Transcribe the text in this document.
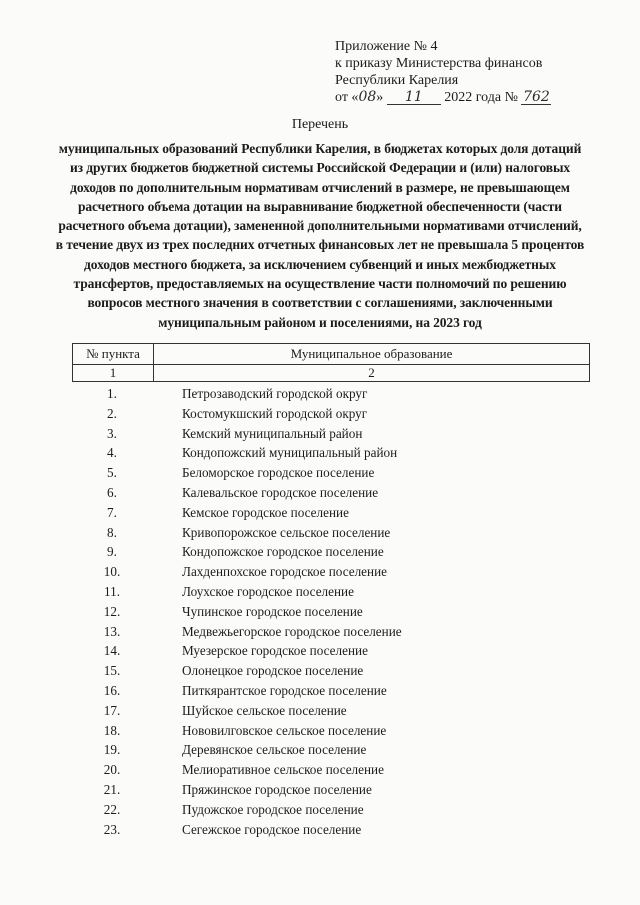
Приложение № 4
к приказу Министерства финансов
Республики Карелия
от «08» 11 2022 года № 762
Перечень
муниципальных образований Республики Карелия, в бюджетах которых доля дотаций из других бюджетов бюджетной системы Российской Федерации и (или) налоговых доходов по дополнительным нормативам отчислений в размере, не превышающем расчетного объема дотации на выравнивание бюджетной обеспеченности (части расчетного объема дотации), замененной дополнительными нормативами отчислений, в течение двух из трех последних отчетных финансовых лет не превышала 5 процентов доходов местного бюджета, за исключением субвенций и иных межбюджетных трансфертов, предоставляемых на осуществление части полномочий по решению вопросов местного значения в соответствии с соглашениями, заключенными муниципальным районом и поселениями, на 2023 год
№ пункта	Муниципальное образование
1	2
1.	Петрозаводский городской округ
2.	Костомукшский городской округ
3.	Кемский муниципальный район
4.	Кондопожский муниципальный район
5.	Беломорское городское поселение
6.	Калевальское городское поселение
7.	Кемское городское поселение
8.	Кривопорожское сельское поселение
9.	Кондопожское городское поселение
10.	Лахденпохское городское поселение
11.	Лоухское городское поселение
12.	Чупинское городское поселение
13.	Медвежьегорское городское поселение
14.	Муезерское городское поселение
15.	Олонецкое городское поселение
16.	Питкярантское городское поселение
17.	Шуйское сельское поселение
18.	Нововилговское сельское поселение
19.	Деревянское сельское поселение
20.	Мелиоративное сельское поселение
21.	Пряжинское городское поселение
22.	Пудожское городское поселение
23.	Сегежское городское поселение
